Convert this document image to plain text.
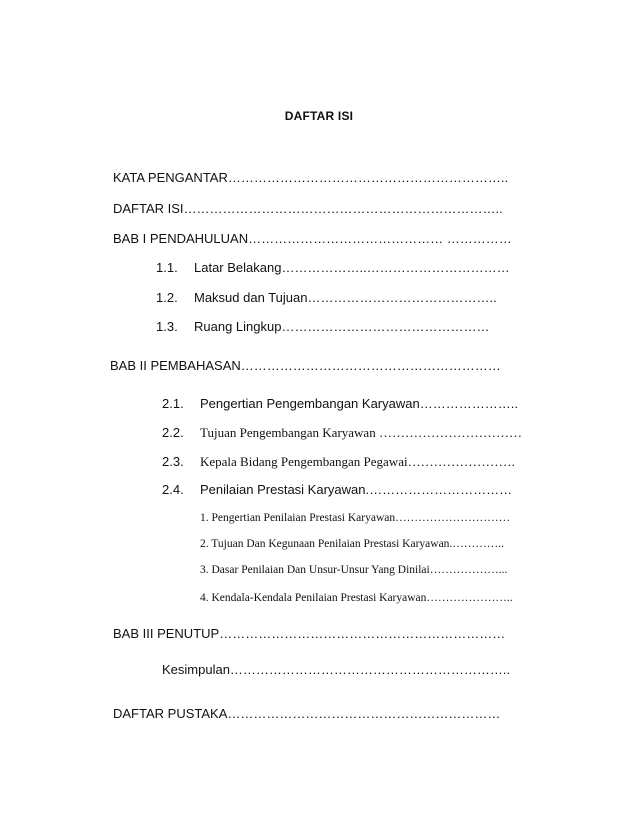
DAFTAR ISI
KATA PENGANTAR………………………………………………………..
DAFTAR ISI………………………………………………………………..
BAB I PENDAHULUAN……………………………………… ……………
1.1. Latar Belakang………………..……………………………
1.2. Maksud dan Tujuan……………………………………..
1.3. Ruang Lingkup…………………………………………
BAB II PEMBAHASAN……………………………………………………
2.1. Pengertian Pengembangan Karyawan…………………..
2.2. Tujuan Pengembangan Karyawan ……………………………
2.3. Kepala Bidang Pengembangan Pegawai…………………….
2.4. Penilaian Prestasi Karyawan.……………………………
1. Pengertian Penilaian Prestasi Karyawan…………………………
2. Tujuan Dan Kegunaan Penilaian Prestasi Karyawan.…………..
3. Dasar Penilaian Dan Unsur-Unsur Yang Dinilai………………...
4. Kendala-Kendala Penilaian Prestasi Karyawan…………………..
BAB III PENUTUP…………………………………………………………
Kesimpulan………………………………………………………..
DAFTAR PUSTAKA………………………………………………………
